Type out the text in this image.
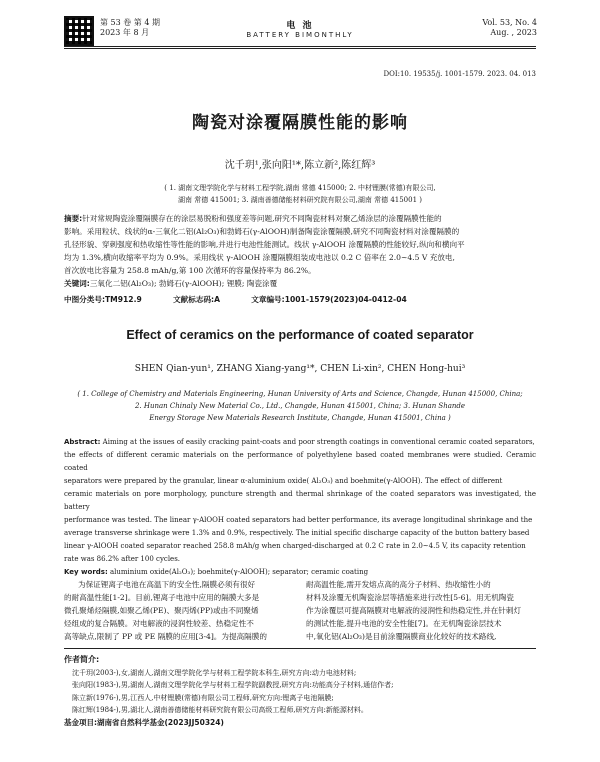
第 53 卷 第 4 期
2023 年 8 月
电 池
BATTERY BIMONTHLY
Vol. 53, No. 4
Aug. , 2023
DOI:10. 19535/j. 1001-1579. 2023. 04. 013
陶瓷对涂覆隔膜性能的影响
沈千玥¹,张向阳¹*,陈立新²,陈红辉³
( 1. 湖南文理学院化学与材料工程学院,湖南 常德 415000; 2. 中材锂膜(常德)有限公司,
湖南 常德 415001; 3. 湖南善德储能材料研究院有限公司,湖南 常德 415001 )
摘要:针对常规陶瓷涂覆隔膜存在的涂层易脱粉和强度差等问题,研究不同陶瓷材料对聚乙烯涂层的涂覆隔膜性能的
影响。采用粒状、线状的α-三氧化二铝(Al₂O₃)和勃姆石(γ-AlOOH)制备陶瓷涂覆隔膜,研究不同陶瓷材料对涂覆隔膜的
孔径形貌、穿刺强度和热收缩性等性能的影响,并进行电池性能测试。线状 γ-AlOOH 涂覆隔膜的性能较好,纵向和横向平
均为 1.3%,横向收缩率平均为 0.9%。采用线状 γ-AlOOH 涂覆隔膜组装成电池以 0.2 C 倍率在 2.0~4.5 V 充放电,
首次放电比容量为 258.8 mAh/g,第 100 次循环的容量保持率为 86.2%。
关键词:三氧化二铝(Al₂O₃); 勃姆石(γ-AlOOH); 锂膜; 陶瓷涂覆
中图分类号:TM912.9	文献标志码:A	文章编号:1001-1579(2023)04-0412-04
Effect of ceramics on the performance of coated separator
SHEN Qian-yun¹, ZHANG Xiang-yang¹*, CHEN Li-xin², CHEN Hong-hui³
( 1. College of Chemistry and Materials Engineering, Hunan University of Arts and Science, Changde, Hunan 415000, China;
2. Hunan Chinaly New Material Co., Ltd., Changde, Hunan 415001, China; 3. Hunan Shande
Energy Storage New Materials Research Institute, Changde, Hunan 415001, China )
Abstract: Aiming at the issues of easily cracking paint-coats and poor strength coatings in conventional ceramic coated separators,
the effects of different ceramic materials on the performance of polyethylene based coated membranes were studied. Ceramic coated
separators were prepared by the granular, linear α-aluminium oxide( Al₂O₃) and boehmite(γ-AlOOH). The effect of different
ceramic materials on pore morphology, puncture strength and thermal shrinkage of the coated separators was investigated, the battery
performance was tested. The linear γ-AlOOH coated separators had better performance, its average longitudinal shrinkage and the
average transverse shrinkage were 1.3% and 0.9%, respectively. The initial specific discharge capacity of the button battery based
linear γ-AlOOH coated separator reached 258.8 mAh/g when charged-discharged at 0.2 C rate in 2.0~4.5 V, its capacity retention
rate was 86.2% after 100 cycles.
Key words: aluminium oxide(Al₂O₃); boehmite(γ-AlOOH); separator; ceramic coating
为保证锂离子电池在高温下的安全性,隔膜必须有很好
的耐高温性能[1-2]。目前,锂离子电池中应用的隔膜大多是
微孔聚烯烃隔膜,如聚乙烯(PE)、聚丙烯(PP)或由不同聚烯
烃组成的复合隔膜。对电解液的浸润性较差、热稳定性不
高等缺点,限制了 PP 或 PE 隔膜的应用[3-4]。为提高隔膜的
耐高温性能,需开发熔点高的高分子材料、热收缩性小的
材料及涂覆无机陶瓷涂层等措施来进行改性[5-6]。用无机陶瓷
作为涂覆层可提高隔膜对电解液的浸润性和热稳定性,并在针刺灯
的测试性能,提升电池的安全性能[7]。在无机陶瓷涂层技术
中,氧化铝(Al₂O₃)是目前涂覆隔膜商业化较好的技术路线,
作者简介:
沈千玥(2003-),女,湖南人,湖南文理学院化学与材料工程学院本科生,研究方向:动力电池材料;
张向阳(1983-),男,湖南人,湖南文理学院化学与材料工程学院副教授,研究方向:功能高分子材料,通信作者;
陈立新(1976-),男,江西人,中材锂膜(常德)有限公司工程师,研究方向:锂离子电池隔膜;
陈红辉(1984-),男,湖北人,湖南善德储能材料研究院有限公司高级工程师,研究方向:新能源材料。
基金项目:湖南省自然科学基金(2023JJ50324)
